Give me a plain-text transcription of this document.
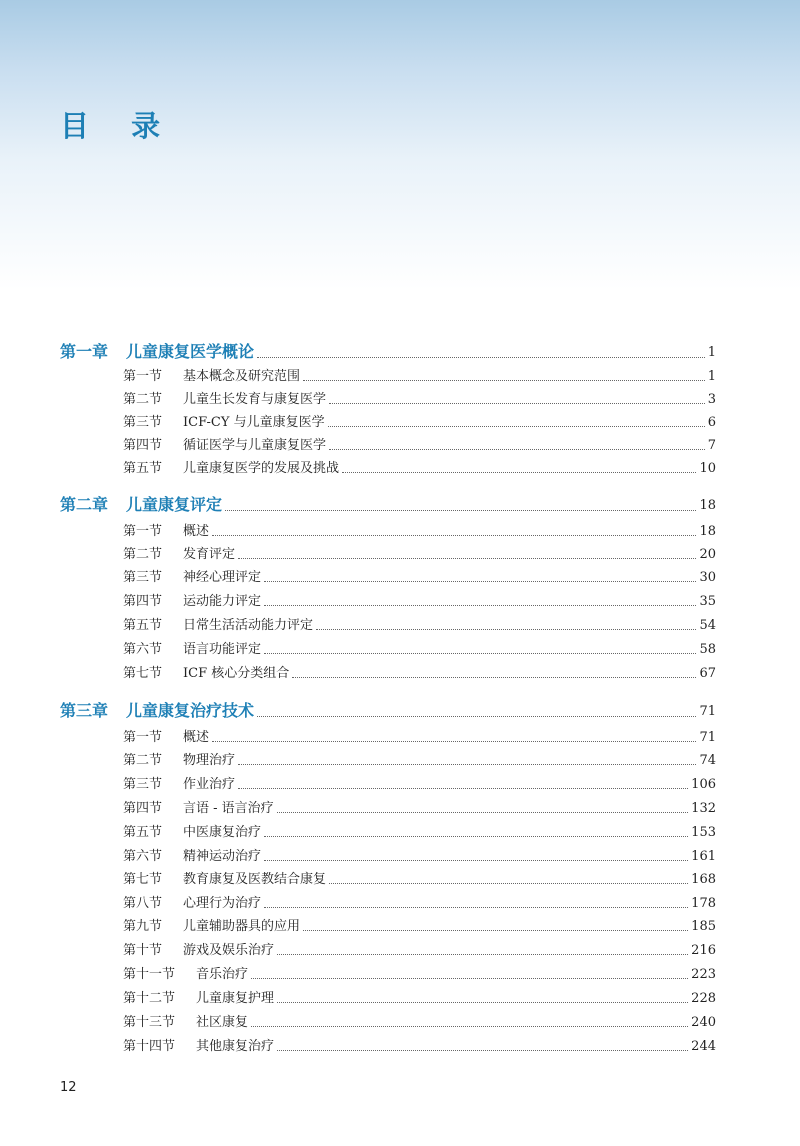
目 录
第一章	儿童康复医学概论	1
第一节	基本概念及研究范围	1
第二节	儿童生长发育与康复医学	3
第三节	ICF-CY 与儿童康复医学	6
第四节	循证医学与儿童康复医学	7
第五节	儿童康复医学的发展及挑战	10
第二章	儿童康复评定	18
第一节	概述	18
第二节	发育评定	20
第三节	神经心理评定	30
第四节	运动能力评定	35
第五节	日常生活活动能力评定	54
第六节	语言功能评定	58
第七节	ICF 核心分类组合	67
第三章	儿童康复治疗技术	71
第一节	概述	71
第二节	物理治疗	74
第三节	作业治疗	106
第四节	言语 - 语言治疗	132
第五节	中医康复治疗	153
第六节	精神运动治疗	161
第七节	教育康复及医教结合康复	168
第八节	心理行为治疗	178
第九节	儿童辅助器具的应用	185
第十节	游戏及娱乐治疗	216
第十一节	音乐治疗	223
第十二节	儿童康复护理	228
第十三节	社区康复	240
第十四节	其他康复治疗	244
12
